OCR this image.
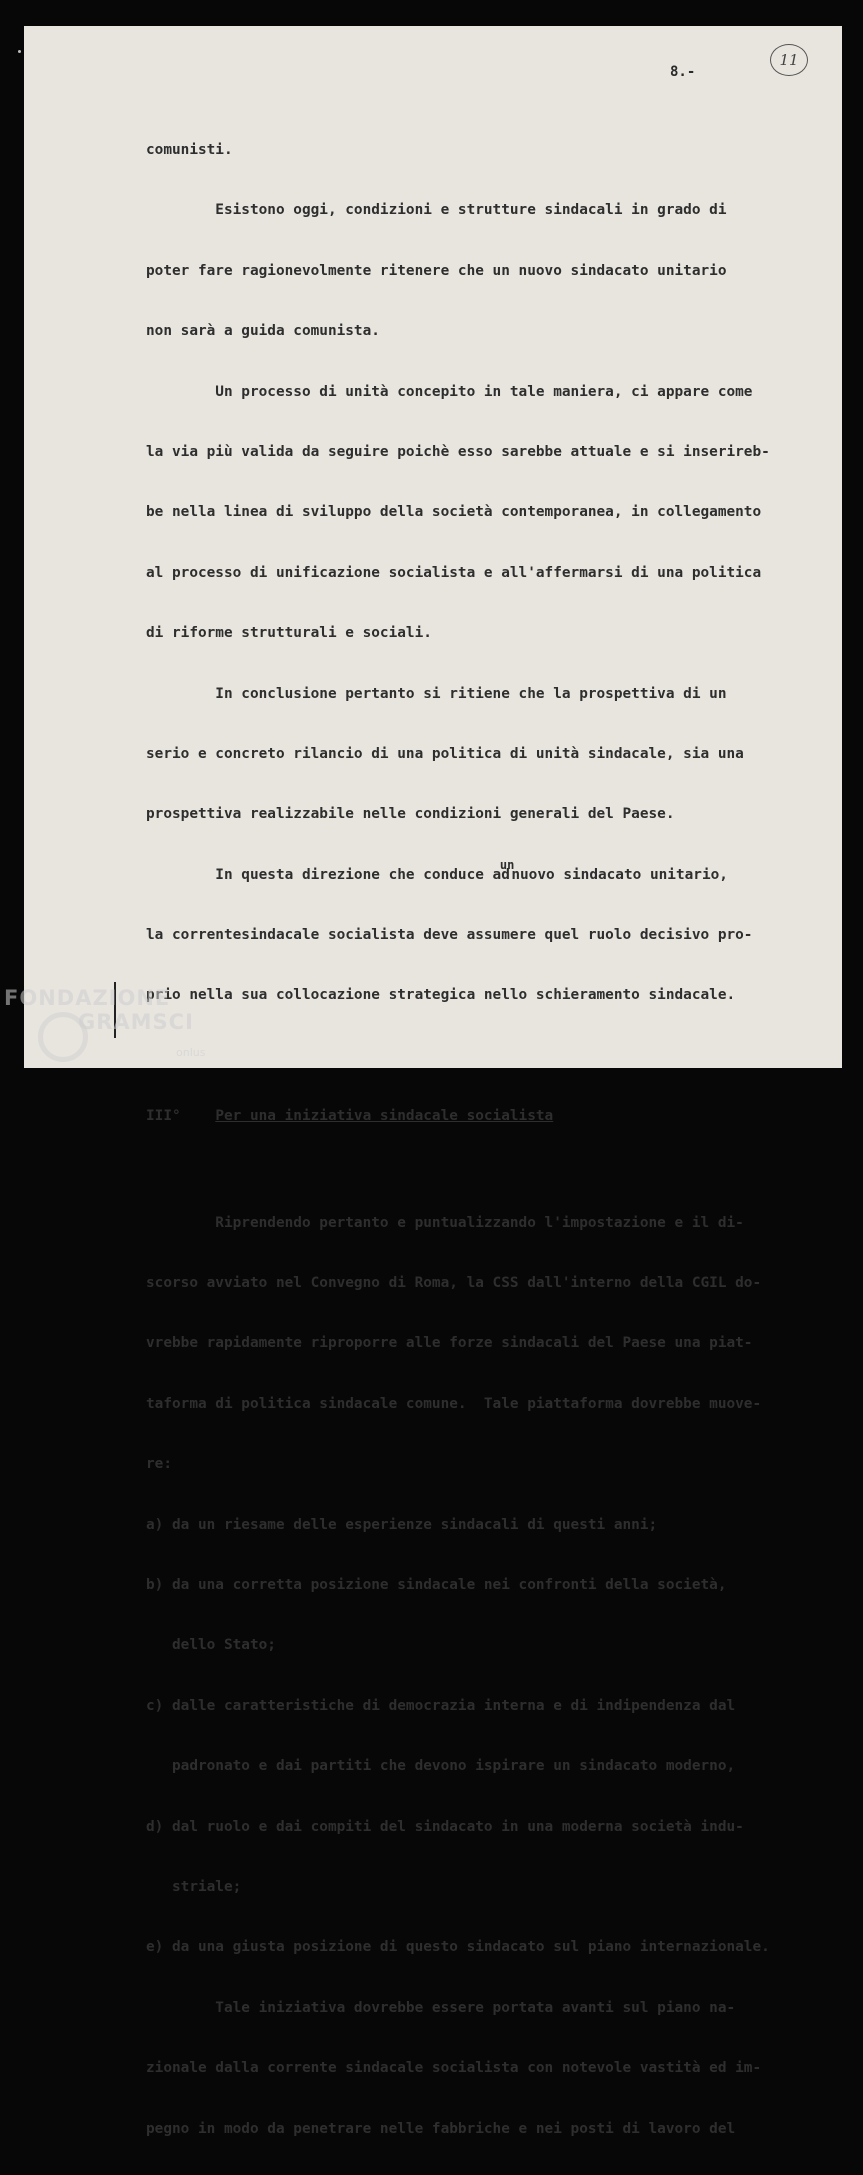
8.-
11

comunisti.

Esistono oggi, condizioni e strutture sindacali in grado di

poter fare ragionevolmente ritenere che un nuovo sindacato unitario

non sarà a guida comunista.

Un processo di unità concepito in tale maniera, ci appare come

la via più valida da seguire poichè esso sarebbe attuale e si inserireb-

be nella linea di sviluppo della società contemporanea, in collegamento

al processo di unificazione socialista e all'affermarsi di una politica

di riforme strutturali e sociali.

In conclusione pertanto si ritiene che la prospettiva di un

serio e concreto rilancio di una politica di unità sindacale, sia una

prospettiva realizzabile nelle condizioni generali del Paese.

In questa direzione che conduce $ad^{un}nuovo$ sindacato unitario,

la correntesindacale socialista deve assumere quel ruolo decisivo pro-

prio nella sua collocazione strategica nello schieramento sindacale.

III° Per una iniziativa sindacale socialista

Riprendendo pertanto e puntualizzando l'impostazione e il di-

scorso avviato nel Convegno di Roma, la CSS dall'interno della CGIL do-

vrebbe rapidamente riproporre alle forze sindacali del Paese una piat-

taforma di politica sindacale comune.  Tale piattaforma dovrebbe muove-

re:

a) da un riesame delle esperienze sindacali di questi anni;

b) da una corretta posizione sindacale nei confronti della società,

dello Stato;

c) dalle caratteristiche di democrazia interna e di indipendenza dal

padronato e dai partiti che devono ispirare un sindacato moderno,

d) dal ruolo e dai compiti del sindacato in una moderna società indu-

striale;

e) da una giusta posizione di questo sindacato sul piano internazionale.

Tale iniziativa dovrebbe essere portata avanti sul piano na-

zionale dalla corrente sindacale socialista con notevole vastità ed im-

pegno in modo da penetrare nelle fabbriche e nei posti di lavoro del

FONDAZIONE
GRAMSCI
onlus
